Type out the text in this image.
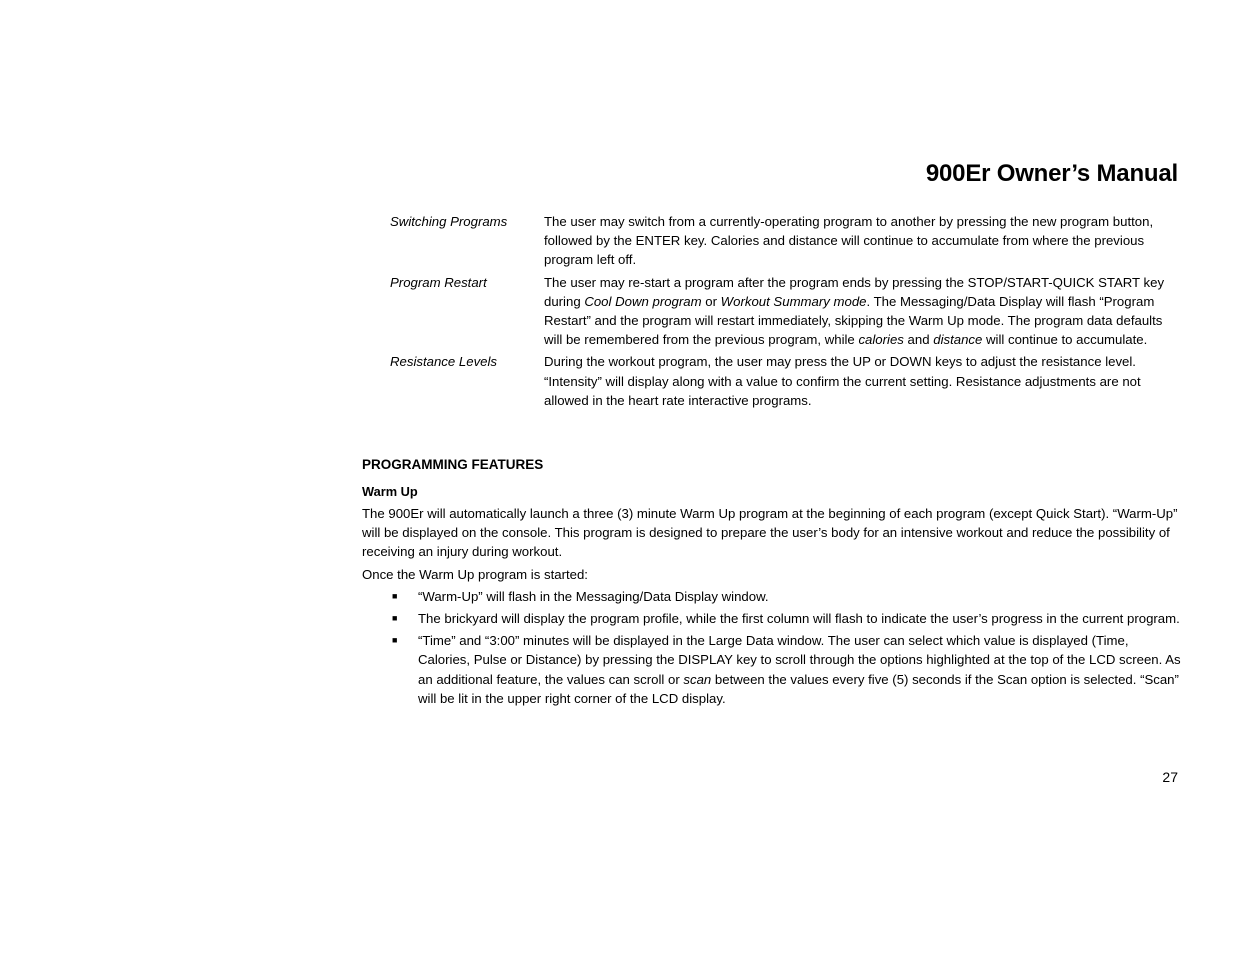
900Er Owner’s Manual
Switching Programs	The user may switch from a currently-operating program to another by pressing the new program button, followed by the ENTER key. Calories and distance will continue to accumulate from where the previous program left off.
Program Restart	The user may re-start a program after the program ends by pressing the STOP/START-QUICK START key during Cool Down program or Workout Summary mode. The Messaging/Data Display will flash “Program Restart” and the program will restart immediately, skipping the Warm Up mode. The program data defaults will be remembered from the previous program, while calories and distance will continue to accumulate.
Resistance Levels	During the workout program, the user may press the UP or DOWN keys to adjust the resistance level. “Intensity” will display along with a value to confirm the current setting. Resistance adjustments are not allowed in the heart rate interactive programs.
PROGRAMMING FEATURES
Warm Up

The 900Er will automatically launch a three (3) minute Warm Up program at the beginning of each program (except Quick Start). “Warm-Up” will be displayed on the console. This program is designed to prepare the user’s body for an intensive workout and reduce the possibility of receiving an injury during workout.

Once the Warm Up program is started:

■ “Warm-Up” will flash in the Messaging/Data Display window.
■ The brickyard will display the program profile, while the first column will flash to indicate the user’s progress in the current program.
■ “Time” and “3:00” minutes will be displayed in the Large Data window. The user can select which value is displayed (Time, Calories, Pulse or Distance) by pressing the DISPLAY key to scroll through the options highlighted at the top of the LCD screen. As an additional feature, the values can scroll or scan between the values every five (5) seconds if the Scan option is selected. “Scan” will be lit in the upper right corner of the LCD display.
27
